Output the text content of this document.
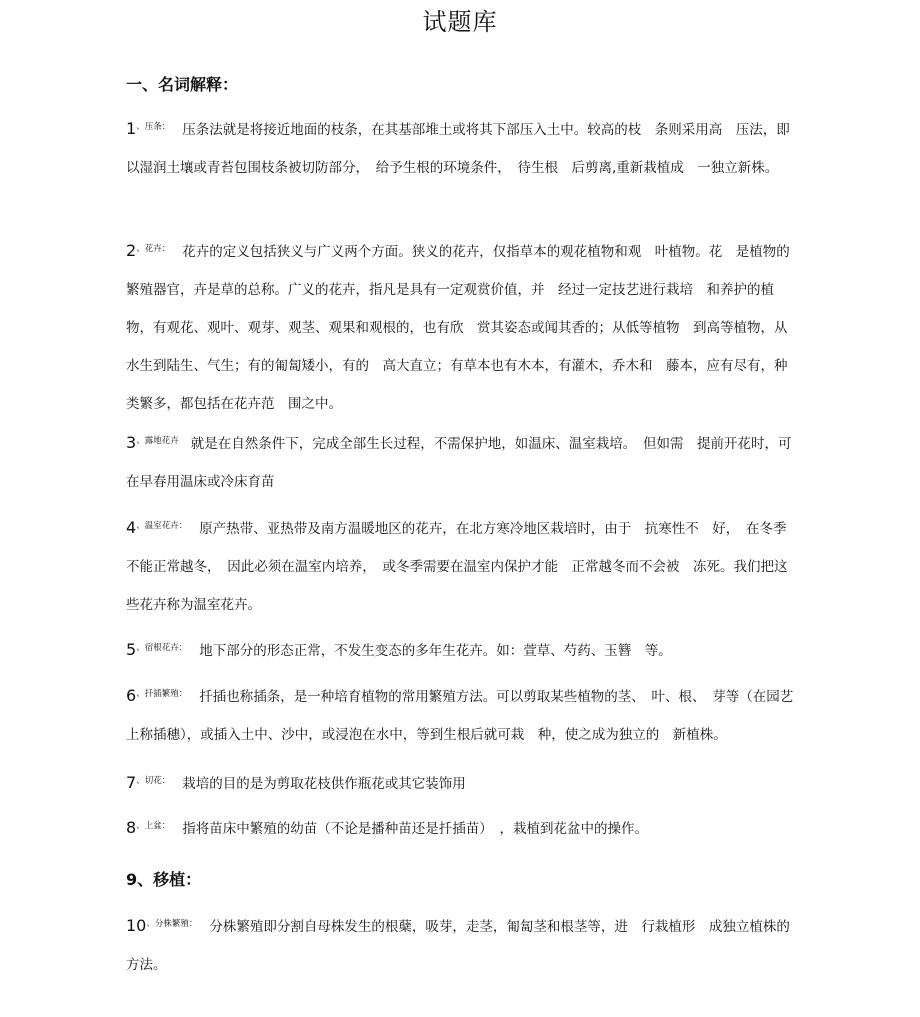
试题库
一、名词解释：

$1^{、压条:}$ 压条法就是将接近地面的枝条，在其基部堆土或将其下部压入土中。较高的枝　条则采用高　压法，即以湿润土壤或青苔包围枝条被切防部分，　给予生根的环境条件，　待生根　后剪离,重新栽植成　一独立新株。

$2^{、花卉:}$ 花卉的定义包括狭义与广义两个方面。狭义的花卉，仅指草本的观花植物和观　叶植物。花　是植物的繁殖器官，卉是草的总称。广义的花卉，指凡是具有一定观赏价值，并　经过一定技艺进行栽培　和养护的植物，有观花、观叶、观芽、观茎、观果和观根的，也有欣　赏其姿态或闻其香的；从低等植物　到高等植物，从水生到陆生、气生；有的匍匐矮小，有的　高大直立；有草本也有木本，有灌木，乔木和　藤本，应有尽有，种类繁多，都包括在花卉范　围之中。

$3^{、露地花卉}$ 就是在自然条件下，完成全部生长过程，不需保护地，如温床、温室栽培。　但如需　提前开花时，可在早春用温床或冷床育苗

$4^{、温室花卉:}$ 原产热带、亚热带及南方温暖地区的花卉，在北方寒冷地区栽培时，由于　抗寒性不　好，　在冬季不能正常越冬，　因此必须在温室内培养，　或冬季需要在温室内保护才能　正常越冬而不会被　冻死。我们把这些花卉称为温室花卉。

$5^{、宿根花卉:}$ 地下部分的形态正常，不发生变态的多年生花卉。如：萱草、芍药、玉簪　等。

$6^{、扦插繁殖:}$ 扦插也称插条，是一种培育植物的常用繁殖方法。可以剪取某些植物的茎、　叶、根、　芽等（在园艺上称插穗），或插入土中、沙中，或浸泡在水中，等到生根后就可栽　种，使之成为独立的　新植株。

$7^{、切花:}$ 栽培的目的是为剪取花枝供作瓶花或其它装饰用

$8^{、上盆:}$ 指将苗床中繁殖的幼苗（不论是播种苗还是扦插苗）　，栽植到花盆中的操作。

9、移植：

$10^{、分株繁殖:}$ 分株繁殖即分割自母株发生的根蘖，吸芽，走茎，匍匐茎和根茎等，进　行栽植形　成独立植株的方法。
